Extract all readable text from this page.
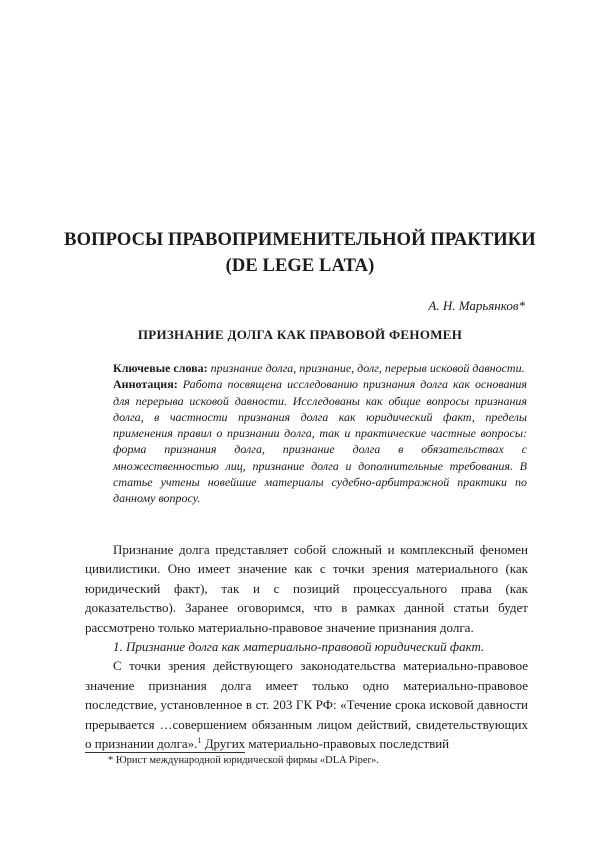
ВОПРОСЫ ПРАВОПРИМЕНИТЕЛЬНОЙ ПРАКТИКИ
(DE LEGE LATA)
А. Н. Марьянков*
ПРИЗНАНИЕ ДОЛГА КАК ПРАВОВОЙ ФЕНОМЕН

Ключевые слова: признание долга, признание, долг, перерыв исковой давности.

Аннотация: Работа посвящена исследованию признания долга как основания для перерыва исковой давности. Исследованы как общие вопросы признания долга, в частности признания долга как юридический факт, пределы применения правил о признании долга, так и практические частные вопросы: форма признания долга, признание долга в обязательствах с множественностью лиц, признание долга и дополнительные требования. В статье учтены новейшие материалы судебно-арбитражной практики по данному вопросу.

Признание долга представляет собой сложный и комплексный феномен цивилистики. Оно имеет значение как с точки зрения материального (как юридический факт), так и с позиций процессуального права (как доказательство). Заранее оговоримся, что в рамках данной статьи будет рассмотрено только материально-правовое значение признания долга.

1. Признание долга как материально-правовой юридический факт.

С точки зрения действующего законодательства материально-правовое значение признания долга имеет только одно материально-правовое последствие, установленное в ст. 203 ГК РФ: «Течение срока исковой давности прерывается …совершением обязанным лицом действий, свидетельствующих о признании долга».$^1$ Других материально-правовых последствий

* Юрист международной юридической фирмы «DLA Piper».
